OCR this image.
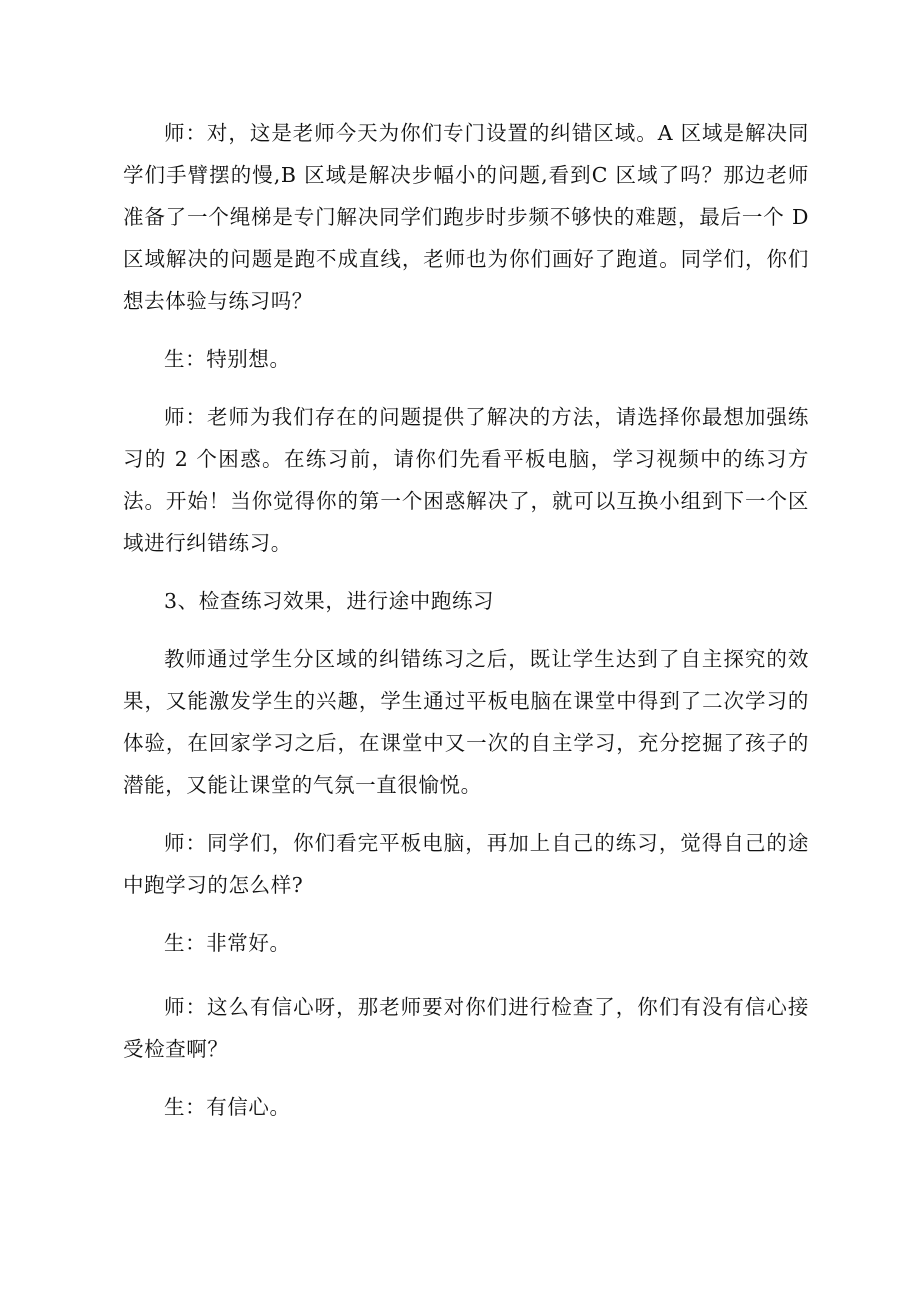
师：对，这是老师今天为你们专门设置的纠错区域。A 区域是解决同学们手臂摆的慢,B 区域是解决步幅小的问题,看到C 区域了吗？那边老师准备了一个绳梯是专门解决同学们跑步时步频不够快的难题，最后一个 D 区域解决的问题是跑不成直线，老师也为你们画好了跑道。同学们，你们想去体验与练习吗？

生：特别想。

师：老师为我们存在的问题提供了解决的方法，请选择你最想加强练习的 2 个困惑。在练习前，请你们先看平板电脑，学习视频中的练习方法。开始！当你觉得你的第一个困惑解决了，就可以互换小组到下一个区域进行纠错练习。

3、检查练习效果，进行途中跑练习

教师通过学生分区域的纠错练习之后，既让学生达到了自主探究的效果，又能激发学生的兴趣，学生通过平板电脑在课堂中得到了二次学习的体验，在回家学习之后，在课堂中又一次的自主学习，充分挖掘了孩子的潜能，又能让课堂的气氛一直很愉悦。

师：同学们，你们看完平板电脑，再加上自己的练习，觉得自己的途中跑学习的怎么样?

生：非常好。

师：这么有信心呀，那老师要对你们进行检查了，你们有没有信心接受检查啊？

生：有信心。
